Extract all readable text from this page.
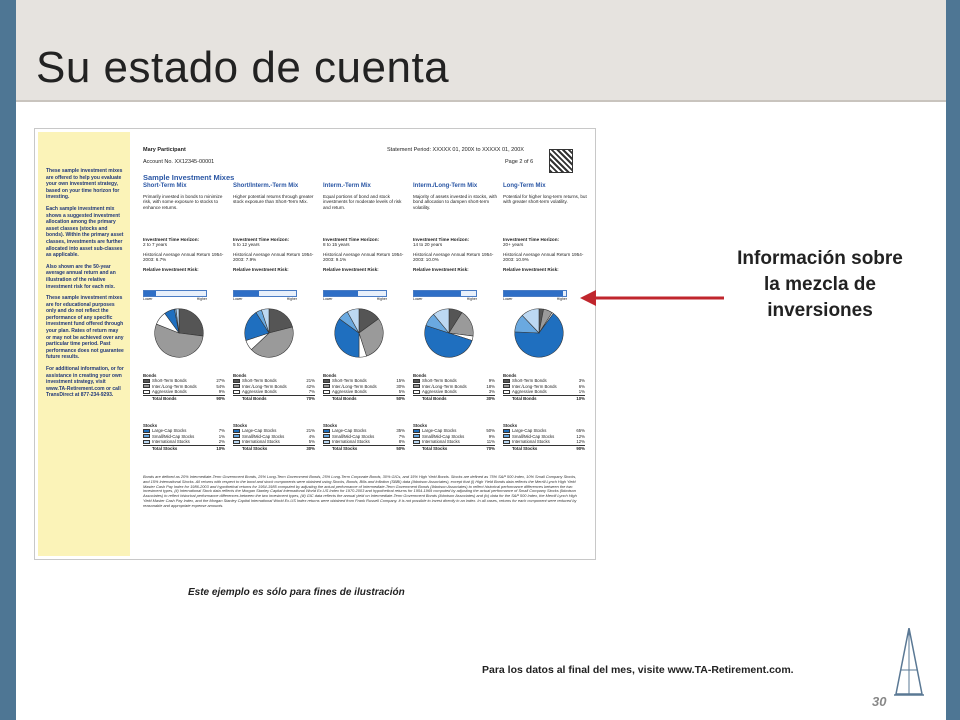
Su estado de cuenta

These sample investment mixes are offered to help you evaluate your own investment strategy, based on your time horizon for investing.

Each sample investment mix shows a suggested investment allocation among the primary asset classes (stocks and bonds). Within the primary asset classes, investments are further allocated into asset sub-classes as applicable.

Also shown are the 50-year average annual return and an illustration of the relative investment risk for each mix.

These sample investment mixes are for educational purposes only and do not reflect the performance of any specific investment fund offered through your plan. Rates of return may or may not be achieved over any particular time period. Past performance does not guarantee future results.

For additional information, or for assistance in creating your own investment strategy, visit www.TA-Retirement.com or call TransDirect at 877-234-9293.

Mary Participant
Account No. XX12345-00001
Statement Period: XXXXX 01, 200X to XXXXX 01, 200X
Page 2 of 6
Sample Investment Mixes
Short-Term Mix
Primarily invested in bonds to minimize risk, with some exposure to stocks to enhance returns.
Investment Time Horizon:
2 to 7 years
Historical Average Annual Return 1954-2003: 6.7%
Relative Investment Risk:
Lower	Higher
Bonds
Short-Term Bonds	27%
Inter./Long-Term Bonds	54%
Aggressive Bonds	9%
Total Bonds	90%
Stocks
Large-Cap Stocks	7%
Small/Mid-Cap Stocks	1%
International Stocks	2%
Total Stocks	10%
Short/Interm.-Term Mix
Higher potential returns through greater stock exposure than Short-Term Mix.
Investment Time Horizon:
5 to 12 years
Historical Average Annual Return 1954-2003: 7.9%
Relative Investment Risk:
Lower	Higher
Bonds
Short-Term Bonds	21%
Inter./Long-Term Bonds	42%
Aggressive Bonds	7%
Total Bonds	70%
Stocks
Large-Cap Stocks	21%
Small/Mid-Cap Stocks	4%
International Stocks	5%
Total Stocks	30%
Interm.-Term Mix
Equal portions of bond and stock investments for moderate levels of risk and return.
Investment Time Horizon:
8 to 15 years
Historical Average Annual Return 1954-2003: 9.1%
Relative Investment Risk:
Lower	Higher
Bonds
Short-Term Bonds	15%
Inter./Long-Term Bonds	30%
Aggressive Bonds	5%
Total Bonds	50%
Stocks
Large-Cap Stocks	35%
Small/Mid-Cap Stocks	7%
International Stocks	8%
Total Stocks	50%
Interm./Long-Term Mix
Majority of assets invested in stocks, with bond allocation to dampen short-term volatility.
Investment Time Horizon:
14 to 20 years
Historical Average Annual Return 1954-2003: 10.0%
Relative Investment Risk:
Lower	Higher
Bonds
Short-Term Bonds	9%
Inter./Long-Term Bonds	18%
Aggressive Bonds	3%
Total Bonds	30%
Stocks
Large-Cap Stocks	50%
Small/Mid-Cap Stocks	9%
International Stocks	11%
Total Stocks	70%
Long-Term Mix
Potential for higher long-term returns, but with greater short-term volatility.
Investment Time Horizon:
20+ years
Historical Average Annual Return 1954-2003: 10.9%
Relative Investment Risk:
Lower	Higher
Bonds
Short-Term Bonds	3%
Inter./Long-Term Bonds	6%
Aggressive Bonds	1%
Total Bonds	10%
Stocks
Large-Cap Stocks	65%
Small/Mid-Cap Stocks	12%
International Stocks	12%
Total Stocks	90%
Bonds are defined as 20% Intermediate-Term Government Bonds, 25% Long-Term Government Bonds, 25% Long-Term Corporate Bonds, 30% GICs, and 15% High Yield Bonds. Stocks are defined as 75% S&P 500 Index, 10% Small Company Stocks, and 15% International Stocks. All returns with respect to the bond and stock components were obtained using Stocks, Bonds, Bills and Inflation (SBBI) data (Ibbotson Associates), except that (i) High Yield Bonds data reflects the Merrill Lynch High Yield Master Cash Pay Index for 1986-2003 and hypothetical returns for 1954-1985 computed by adjusting the actual performance of Intermediate-Term Government Bonds (Ibbotson Associates) to reflect historical performance differences between the two investment types, (ii) International Stock data reflects the Morgan Stanley Capital International World Ex-US Index for 1970-2003 and hypothetical returns for 1954-1969 computed by adjusting the actual performance of Small Company Stocks (Ibbotson Associates) to reflect historical performance differences between the two investment types, (iii) GIC data reflects the annual yield on Intermediate-Term Government Bonds (Ibbotson Associates) and (iv) data for the S&P 500 Index, the Merrill Lynch High Yield Master Cash Pay Index, and the Morgan Stanley Capital International World Ex-US Index returns were obtained from Frank Russell Company. It is not possible to invest directly in an index. In all cases, returns for each component were reduced by reasonable and appropriate expense amounts.
Este ejemplo es sólo para fines de ilustración
Información sobre la mezcla de inversiones
Para los datos al final del mes, visite www.TA-Retirement.com.
30
